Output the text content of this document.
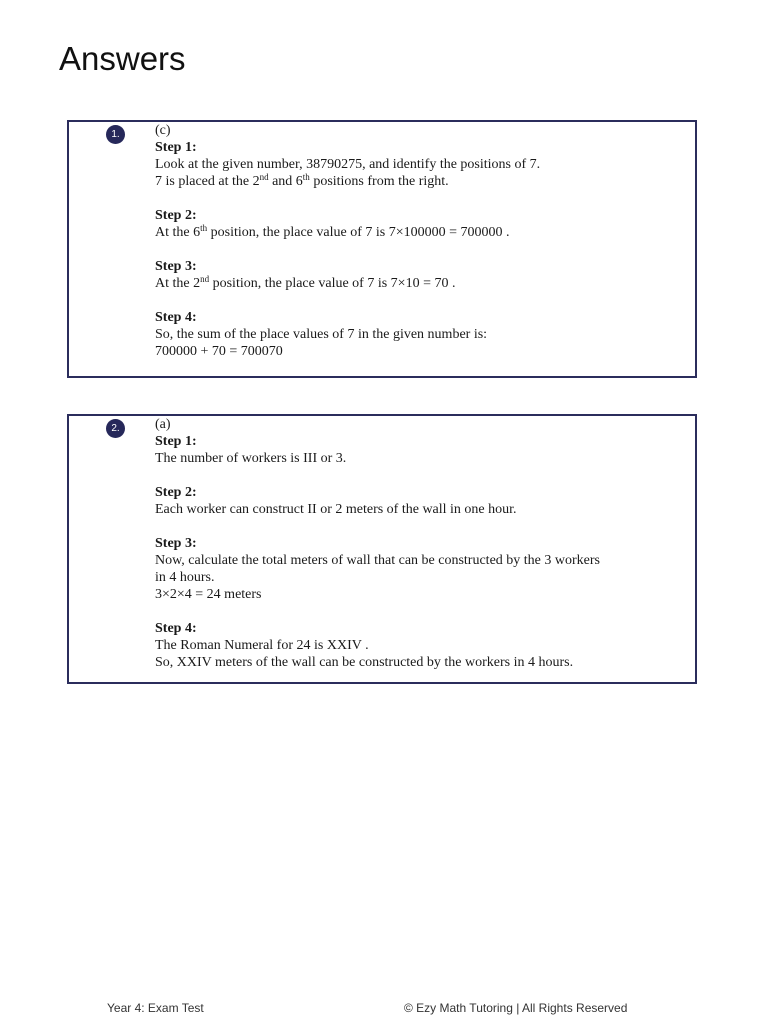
Answers
1.	(c)

Step 1:

Look at the given number, 38790275, and identify the positions of 7.

7 is placed at the 2nd and 6th positions from the right.

Step 2:

At the 6th position, the place value of 7 is 7×100000 = 700000 .

Step 3:

At the 2nd position, the place value of 7 is 7×10 = 70 .

Step 4:

So, the sum of the place values of 7 in the given number is:

700000 + 70 = 700070

2.	(a)

Step 1:

The number of workers is III or 3.

Step 2:

Each worker can construct II or 2 meters of the wall in one hour.

Step 3:

Now, calculate the total meters of wall that can be constructed by the 3 workers

in 4 hours.

3×2×4 = 24 meters

Step 4:

The Roman Numeral for 24 is XXIV .

So, XXIV meters of the wall can be constructed by the workers in 4 hours.

Year 4: Exam Test	© Ezy Math Tutoring | All Rights Reserved
